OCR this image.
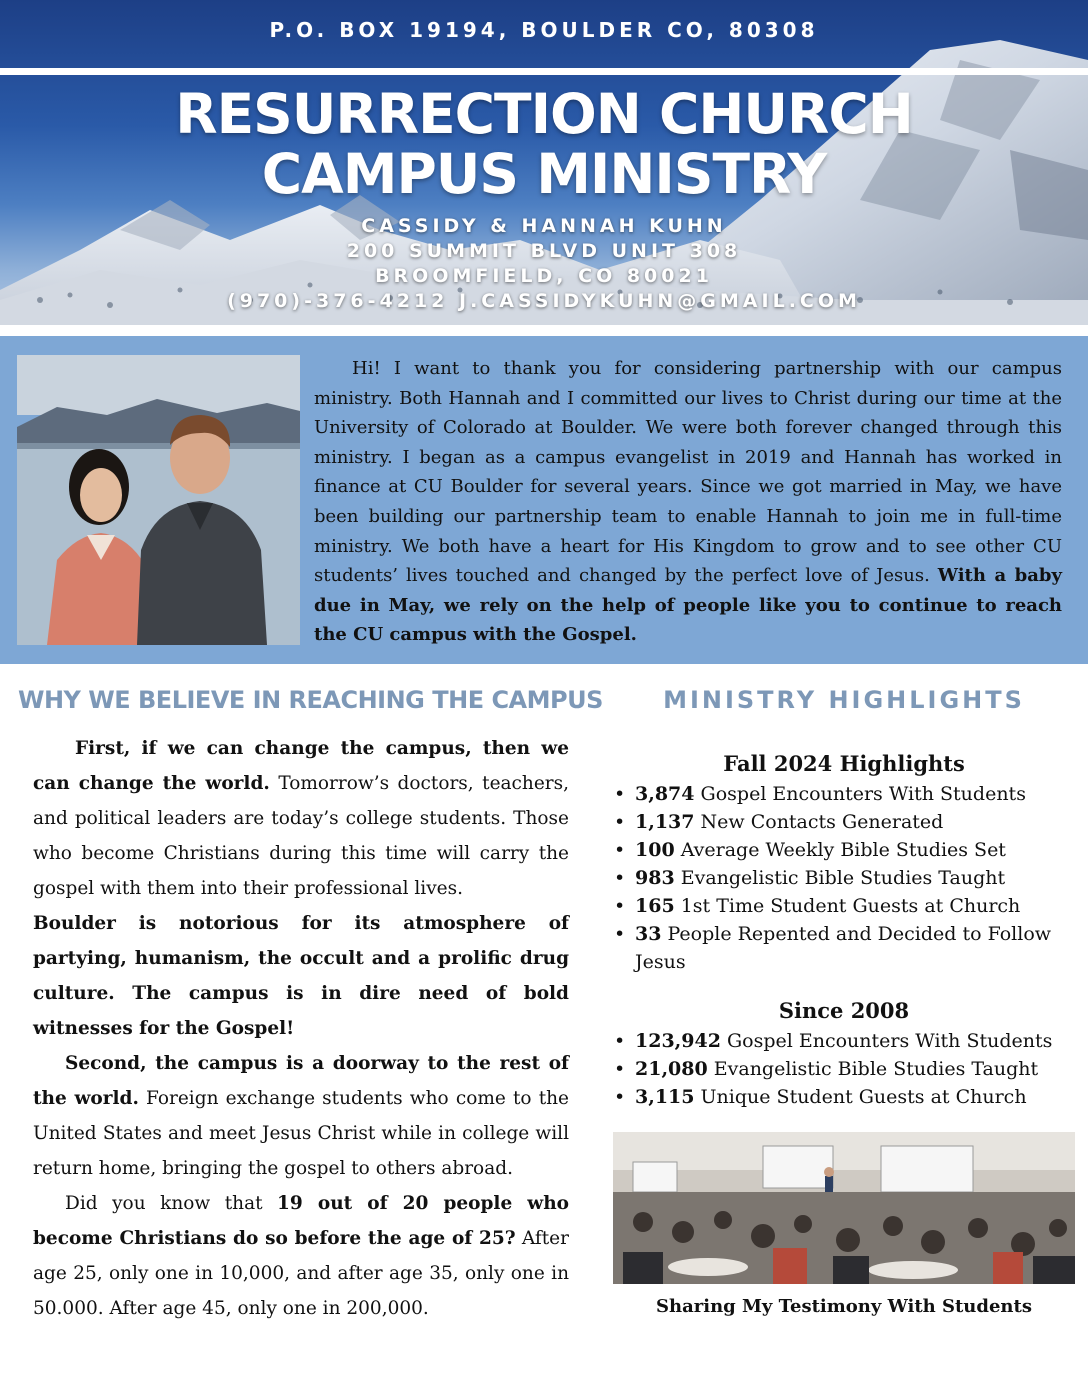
P.O. BOX 19194, BOULDER CO, 80308
RESURRECTION CHURCH
CAMPUS MINISTRY
CASSIDY & HANNAH KUHN
200 SUMMIT BLVD UNIT 308
BROOMFIELD, CO 80021
(970)-376-4212 J.CASSIDYKUHN@GMAIL.COM
Hi! I want to thank you for considering partnership with our campus ministry. Both Hannah and I committed our lives to Christ during our time at the University of Colorado at Boulder. We were both forever changed through this ministry. I began as a campus evangelist in 2019 and Hannah has worked in finance at CU Boulder for several years. Since we got married in May, we have been building our partnership team to enable Hannah to join me in full-time ministry. We both have a heart for His Kingdom to grow and to see other CU students’ lives touched and changed by the perfect love of Jesus. With a baby due in May, we rely on the help of people like you to continue to reach the CU campus with the Gospel.
WHY WE BELIEVE IN REACHING THE CAMPUS	MINISTRY HIGHLIGHTS

First, if we can change the campus, then we can change the world. Tomorrow’s doctors, teachers, and political leaders are today’s college students. Those who become Christians during this time will carry the gospel with them into their professional lives.

Boulder is notorious for its atmosphere of partying, humanism, the occult and a prolific drug culture. The campus is in dire need of bold witnesses for the Gospel!

Second, the campus is a doorway to the rest of the world. Foreign exchange students who come to the United States and meet Jesus Christ while in college will return home, bringing the gospel to others abroad.

Did you know that 19 out of 20 people who become Christians do so before the age of 25? After age 25, only one in 10,000, and after age 35, only one in 50.000. After age 45, only one in 200,000.

Fall 2024 Highlights
• 3,874 Gospel Encounters With Students
• 1,137 New Contacts Generated
• 100 Average Weekly Bible Studies Set
• 983 Evangelistic Bible Studies Taught
• 165 1st Time Student Guests at Church
• 33 People Repented and Decided to Follow Jesus
Since 2008
• 123,942 Gospel Encounters With Students
• 21,080 Evangelistic Bible Studies Taught
• 3,115 Unique Student Guests at Church
Sharing My Testimony With Students
